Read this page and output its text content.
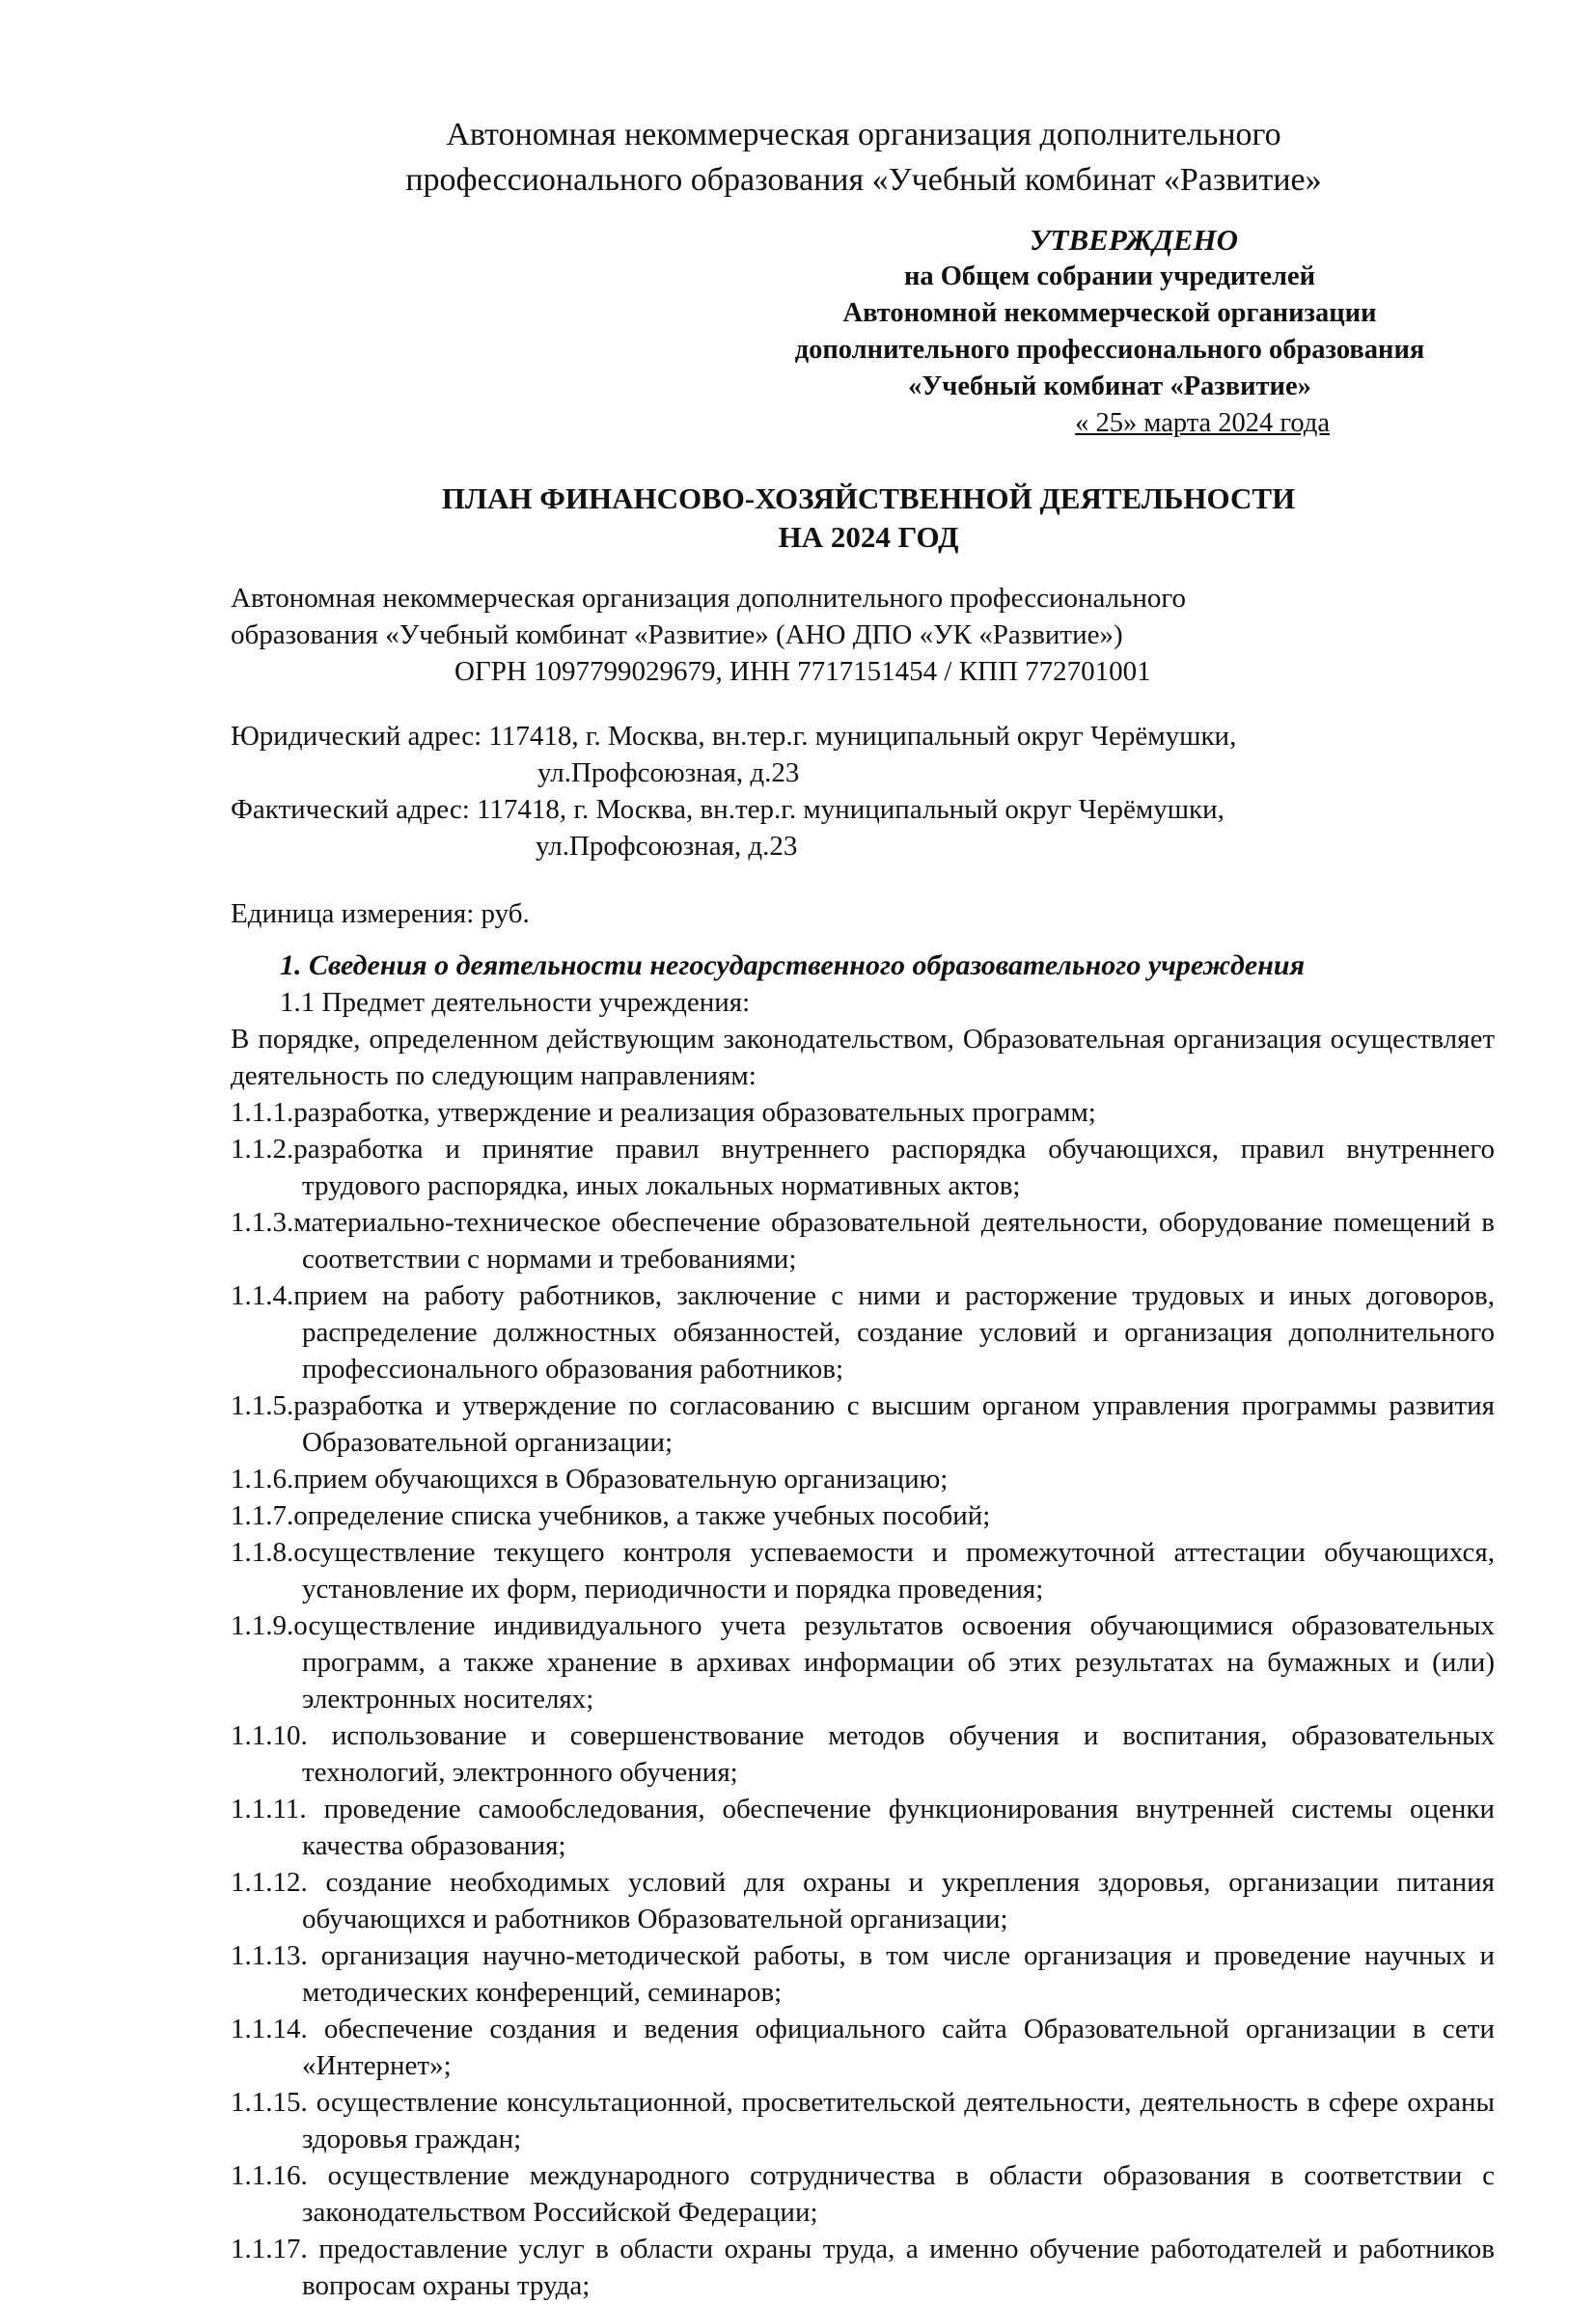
Автономная некоммерческая организация дополнительного
профессионального образования «Учебный комбинат «Развитие»
УТВЕРЖДЕНО
на Общем собрании учредителей
Автономной некоммерческой организации
дополнительного профессионального образования
«Учебный комбинат «Развитие»
« 25» марта 2024 года
ПЛАН ФИНАНСОВО-ХОЗЯЙСТВЕННОЙ ДЕЯТЕЛЬНОСТИ
НА 2024 ГОД
Автономная некоммерческая организация дополнительного профессионального
образования «Учебный комбинат «Развитие» (АНО ДПО «УК «Развитие»)
ОГРН 1097799029679, ИНН 7717151454 / КПП 772701001
Юридический адрес: 117418, г. Москва, вн.тер.г. муниципальный округ Черёмушки,
ул.Профсоюзная, д.23
Фактический адрес: 117418, г. Москва, вн.тер.г. муниципальный округ Черёмушки,
ул.Профсоюзная, д.23
Единица измерения: руб.
1. Сведения о деятельности негосударственного образовательного учреждения
1.1 Предмет деятельности учреждения:
В порядке, определенном действующим законодательством, Образовательная организация осуществляет деятельность по следующим направлениям:
1.1.1.разработка, утверждение и реализация образовательных программ;
1.1.2.разработка и принятие правил внутреннего распорядка обучающихся, правил внутреннего трудового распорядка, иных локальных нормативных актов;
1.1.3.материально-техническое обеспечение образовательной деятельности, оборудование помещений в соответствии с нормами и требованиями;
1.1.4.прием на работу работников, заключение с ними и расторжение трудовых и иных договоров, распределение должностных обязанностей, создание условий и организация дополнительного профессионального образования работников;
1.1.5.разработка и утверждение по согласованию с высшим органом управления программы развития Образовательной организации;
1.1.6.прием обучающихся в Образовательную организацию;
1.1.7.определение списка учебников, а также учебных пособий;
1.1.8.осуществление текущего контроля успеваемости и промежуточной аттестации обучающихся, установление их форм, периодичности и порядка проведения;
1.1.9.осуществление индивидуального учета результатов освоения обучающимися образовательных программ, а также хранение в архивах информации об этих результатах на бумажных и (или) электронных носителях;
1.1.10. использование и совершенствование методов обучения и воспитания, образовательных технологий, электронного обучения;
1.1.11. проведение самообследования, обеспечение функционирования внутренней системы оценки качества образования;
1.1.12. создание необходимых условий для охраны и укрепления здоровья, организации питания обучающихся и работников Образовательной организации;
1.1.13. организация научно-методической работы, в том числе организация и проведение научных и методических конференций, семинаров;
1.1.14. обеспечение создания и ведения официального сайта Образовательной организации в сети «Интернет»;
1.1.15. осуществление консультационной, просветительской деятельности, деятельность в сфере охраны здоровья граждан;
1.1.16. осуществление международного сотрудничества в области образования в соответствии с законодательством Российской Федерации;
1.1.17. предоставление услуг в области охраны труда, а именно обучение работодателей и работников вопросам охраны труда;
